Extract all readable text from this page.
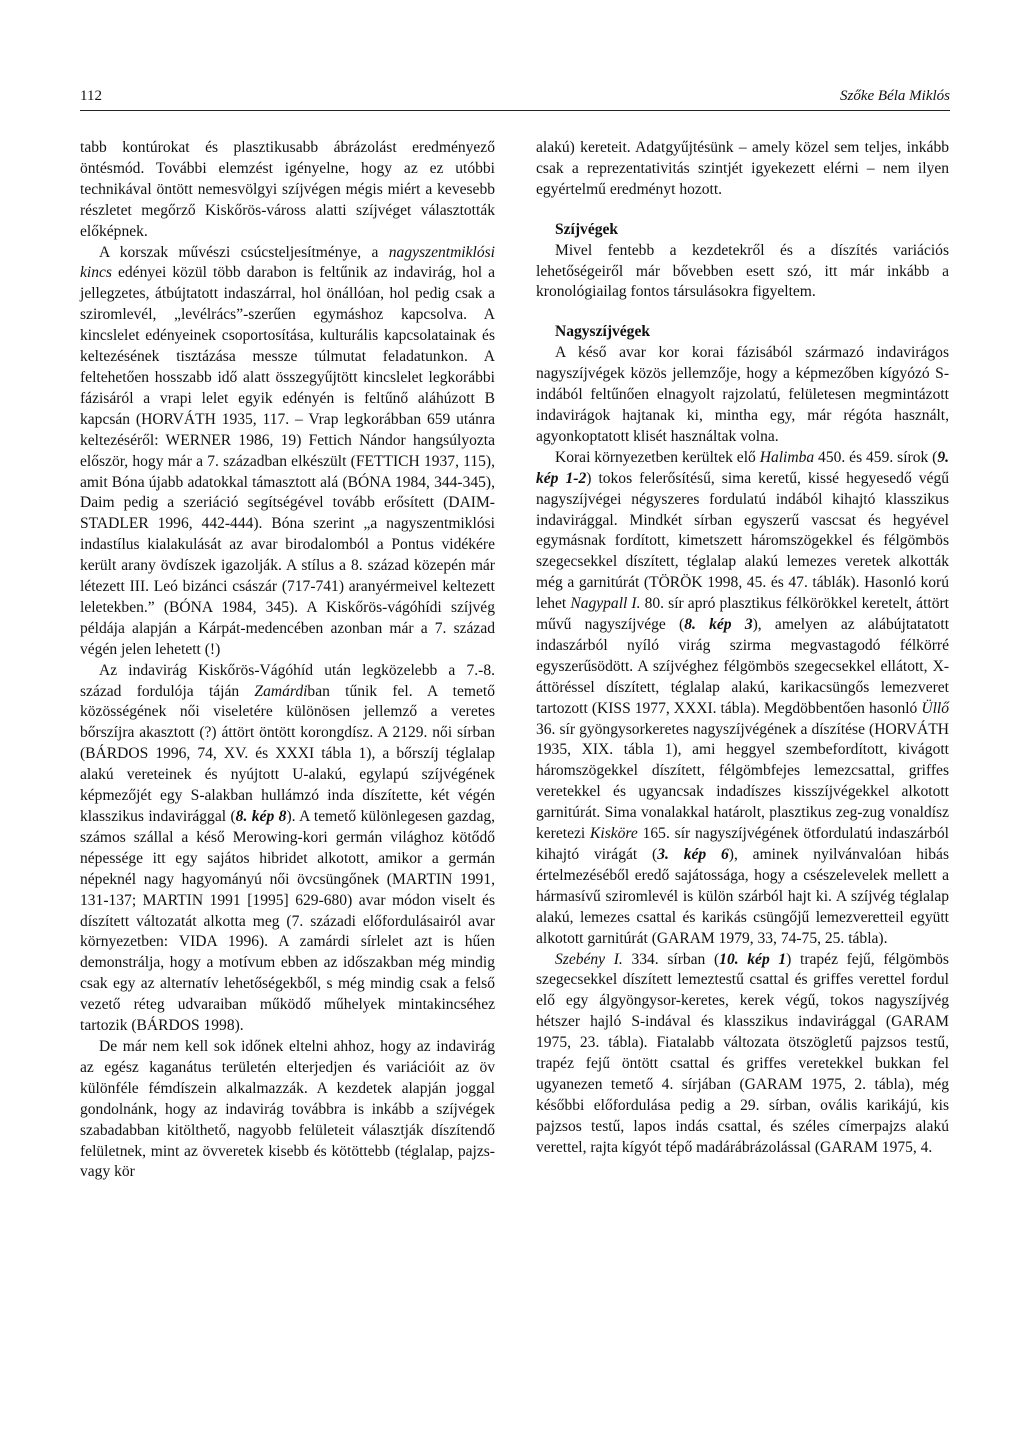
112	Szőke Béla Miklós

tabb kontúrokat és plasztikusabb ábrázolást eredményező öntésmód. További elemzést igényelne, hogy az ez utóbbi technikával öntött nemesvölgyi szíjvégen mégis miért a kevesebb részletet megőrző Kiskőrös-váross alatti szíjvéget választották előképnek.

A korszak művészi csúcsteljesítménye, a nagyszentmiklósi kincs edényei közül több darabon is feltűnik az indavirág, hol a jellegzetes, átbújtatott indaszárral, hol önállóan, hol pedig csak a sziromlevél, „levélrács”-szerűen egymáshoz kapcsolva. A kincslelet edényeinek csoportosítása, kulturális kapcsolatainak és keltezésének tisztázása messze túlmutat feladatunkon. A feltehetően hosszabb idő alatt összegyűjtött kincslelet legkorábbi fázisáról a vrapi lelet egyik edényén is feltűnő aláhúzott B kapcsán (HORVÁTH 1935, 117. – Vrap legkorábban 659 utánra keltezéséről: WERNER 1986, 19) Fettich Nándor hangsúlyozta először, hogy már a 7. században elkészült (FETTICH 1937, 115), amit Bóna újabb adatokkal támasztott alá (BÓNA 1984, 344-345), Daim pedig a szeriáció segítségével tovább erősített (DAIM-STADLER 1996, 442-444). Bóna szerint „a nagyszentmiklósi indastílus kialakulását az avar birodalomból a Pontus vidékére került arany övdíszek igazolják. A stílus a 8. század közepén már létezett III. Leó bizánci császár (717-741) aranyérmeivel keltezett leletekben.” (BÓNA 1984, 345). A Kiskőrös-vágóhídi szíjvég példája alapján a Kárpát-medencében azonban már a 7. század végén jelen lehetett (!)

Az indavirág Kiskőrös-Vágóhíd után legközelebb a 7.-8. század fordulója táján Zamárdiban tűnik fel. A temető közösségének női viseletére különösen jellemző a veretes bőrszíjra akasztott (?) áttört öntött korongdísz. A 2129. női sírban (BÁRDOS 1996, 74, XV. és XXXI tábla 1), a bőrszíj téglalap alakú vereteinek és nyújtott U-alakú, egylapú szíjvégének képmezőjét egy S-alakban hullámzó inda díszítette, két végén klasszikus indavirággal (8. kép 8). A temető különlegesen gazdag, számos szállal a késő Merowing-kori germán világhoz kötődő népessége itt egy sajátos hibridet alkotott, amikor a germán népeknél nagy hagyományú női övcsüngőnek (MARTIN 1991, 131-137; MARTIN 1991 [1995] 629-680) avar módon viselt és díszített változatát alkotta meg (7. századi előfordulásairól avar környezetben: VIDA 1996). A zamárdi sírlelet azt is hűen demonstrálja, hogy a motívum ebben az időszakban még mindig csak egy az alternatív lehetőségekből, s még mindig csak a felső vezető réteg udvaraiban működő műhelyek mintakincséhez tartozik (BÁRDOS 1998).

De már nem kell sok időnek eltelni ahhoz, hogy az indavirág az egész kaganátus területén elterjedjen és variációit az öv különféle fémdíszein alkalmazzák. A kezdetek alapján joggal gondolnánk, hogy az indavirág továbbra is inkább a szíjvégek szabadabban kitölthető, nagyobb felületeit választják díszítendő felületnek, mint az övveretek kisebb és kötöttebb (téglalap, pajzs- vagy kör

alakú) kereteit. Adatgyűjtésünk – amely közel sem teljes, inkább csak a reprezentativitás szintjét igyekezett elérni – nem ilyen egyértelmű eredményt hozott.

Szíjvégek

Mivel fentebb a kezdetekről és a díszítés variációs lehetőségeiről már bővebben esett szó, itt már inkább a kronológiailag fontos társulásokra figyeltem.

Nagyszíjvégek

A késő avar kor korai fázisából származó indavirágos nagyszíjvégek közös jellemzője, hogy a képmezőben kígyózó S-indából feltűnően elnagyolt rajzolatú, felületesen megmintázott indavirágok hajtanak ki, mintha egy, már régóta használt, agyonkoptatott klisét használtak volna.

Korai környezetben kerültek elő Halimba 450. és 459. sírok (9. kép 1-2) tokos felerősítésű, sima keretű, kissé hegyesedő végű nagyszíjvégei négyszeres fordulatú indából kihajtó klasszikus indavirággal. Mindkét sírban egyszerű vascsat és hegyével egymásnak fordított, kimetszett háromszögekkel és félgömbös szegecsekkel díszített, téglalap alakú lemezes veretek alkották még a garnitúrát (TÖRÖK 1998, 45. és 47. táblák). Hasonló korú lehet Nagypall I. 80. sír apró plasztikus félkörökkel keretelt, áttört művű nagyszíjvége (8. kép 3), amelyen az alábújtatatott indaszárból nyíló virág szirma megvastagodó félkörré egyszerűsödött. A szíjvéghez félgömbös szegecsekkel ellátott, X-áttöréssel díszített, téglalap alakú, karikacsüngős lemezveret tartozott (KISS 1977, XXXI. tábla). Megdöbbentően hasonló Üllő 36. sír gyöngysorkeretes nagyszíjvégének a díszítése (HORVÁTH 1935, XIX. tábla 1), ami heggyel szembefordított, kivágott háromszögekkel díszített, félgömbfejes lemezcsattal, griffes veretekkel és ugyancsak indadíszes kisszíjvégekkel alkotott garnitúrát. Sima vonalakkal határolt, plasztikus zeg-zug vonaldísz keretezi Kisköre 165. sír nagyszíjvégének ötfordulatú indaszárból kihajtó virágát (3. kép 6), aminek nyilvánvalóan hibás értelmezéséből eredő sajátossága, hogy a csészelevelek mellett a hármasívű sziromlevél is külön szárból hajt ki. A szíjvég téglalap alakú, lemezes csattal és karikás csüngőjű lemezveretteil együtt alkotott garnitúrát (GARAM 1979, 33, 74-75, 25. tábla).

Szebény I. 334. sírban (10. kép 1) trapéz fejű, félgömbös szegecsekkel díszített lemeztestű csattal és griffes verettel fordul elő egy álgyöngysor-keretes, kerek végű, tokos nagyszíjvég hétszer hajló S-indával és klasszikus indavirággal (GARAM 1975, 23. tábla). Fiatalabb változata ötszögletű pajzsos testű, trapéz fejű öntött csattal és griffes veretekkel bukkan fel ugyanezen temető 4. sírjában (GARAM 1975, 2. tábla), még későbbi előfordulása pedig a 29. sírban, ovális karikájú, kis pajzsos testű, lapos indás csattal, és széles címerpajzs alakú verettel, rajta kígyót tépő madárábrázolással (GARAM 1975, 4.
